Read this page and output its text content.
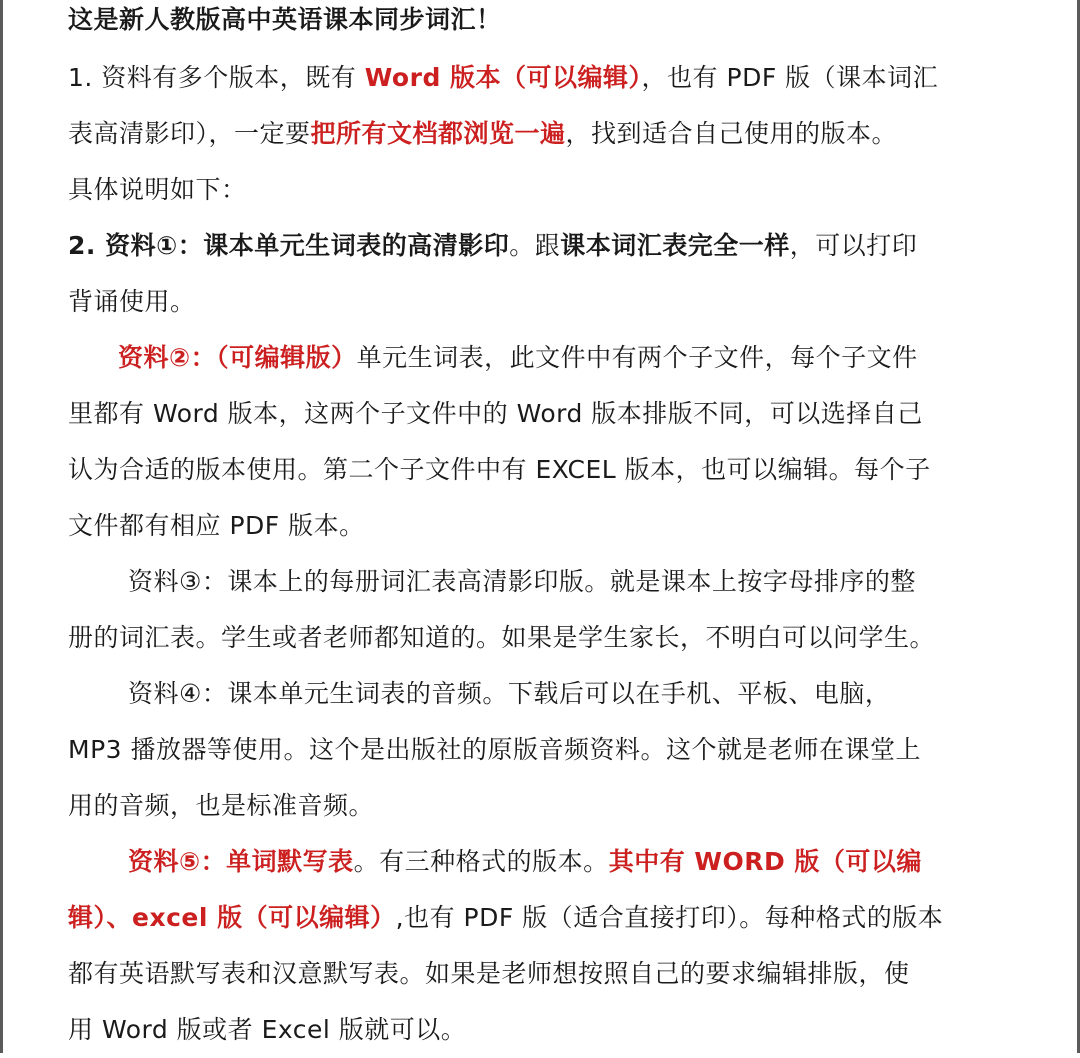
这是新人教版高中英语课本同步词汇！
1. 资料有多个版本，既有 Word 版本（可以编辑），也有 PDF 版（课本词汇
表高清影印），一定要把所有文档都浏览一遍，找到适合自己使用的版本。
具体说明如下：
2. 资料①：课本单元生词表的高清影印。跟课本词汇表完全一样，可以打印
背诵使用。
资料②：（可编辑版）单元生词表，此文件中有两个子文件，每个子文件
里都有 Word 版本，这两个子文件中的 Word 版本排版不同，可以选择自己
认为合适的版本使用。第二个子文件中有 EXCEL 版本，也可以编辑。每个子
文件都有相应 PDF 版本。
资料③：课本上的每册词汇表高清影印版。就是课本上按字母排序的整
册的词汇表。学生或者老师都知道的。如果是学生家长，不明白可以问学生。
资料④：课本单元生词表的音频。下载后可以在手机、平板、电脑，
MP3 播放器等使用。这个是出版社的原版音频资料。这个就是老师在课堂上
用的音频，也是标准音频。
资料⑤：单词默写表。有三种格式的版本。其中有 WORD 版（可以编
辑）、excel 版（可以编辑）,也有 PDF 版（适合直接打印）。每种格式的版本
都有英语默写表和汉意默写表。如果是老师想按照自己的要求编辑排版，使
用 Word 版或者 Excel 版就可以。
